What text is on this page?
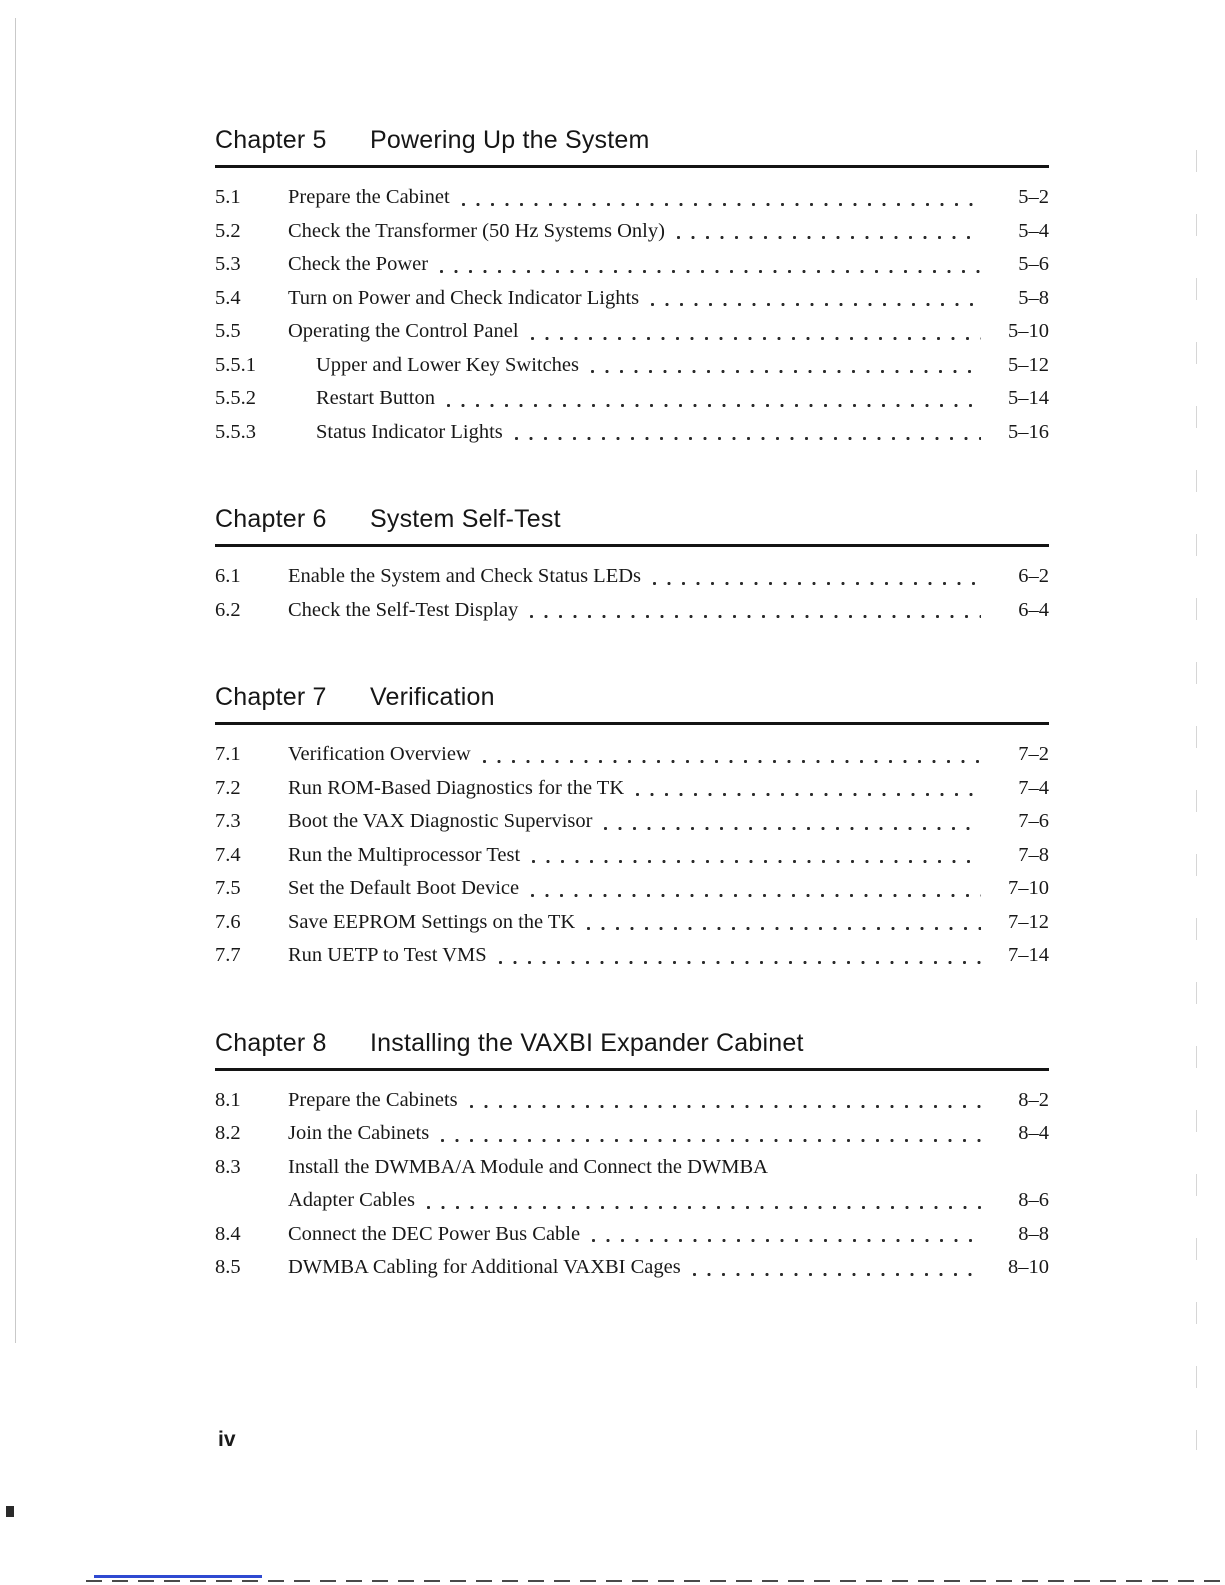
Chapter 5	Powering Up the System
5.1	Prepare the Cabinet	5–2
5.2	Check the Transformer (50 Hz Systems Only)	5–4
5.3	Check the Power	5–6
5.4	Turn on Power and Check Indicator Lights	5–8
5.5	Operating the Control Panel	5–10
5.5.1	Upper and Lower Key Switches	5–12
5.5.2	Restart Button	5–14
5.5.3	Status Indicator Lights	5–16
Chapter 6	System Self-Test
6.1	Enable the System and Check Status LEDs	6–2
6.2	Check the Self-Test Display	6–4
Chapter 7	Verification
7.1	Verification Overview	7–2
7.2	Run ROM-Based Diagnostics for the TK	7–4
7.3	Boot the VAX Diagnostic Supervisor	7–6
7.4	Run the Multiprocessor Test	7–8
7.5	Set the Default Boot Device	7–10
7.6	Save EEPROM Settings on the TK	7–12
7.7	Run UETP to Test VMS	7–14
Chapter 8	Installing the VAXBI Expander Cabinet
8.1	Prepare the Cabinets	8–2
8.2	Join the Cabinets	8–4
8.3	Install the DWMBA/A Module and Connect the DWMBA
Adapter Cables	8–6
8.4	Connect the DEC Power Bus Cable	8–8
8.5	DWMBA Cabling for Additional VAXBI Cages	8–10
iv
